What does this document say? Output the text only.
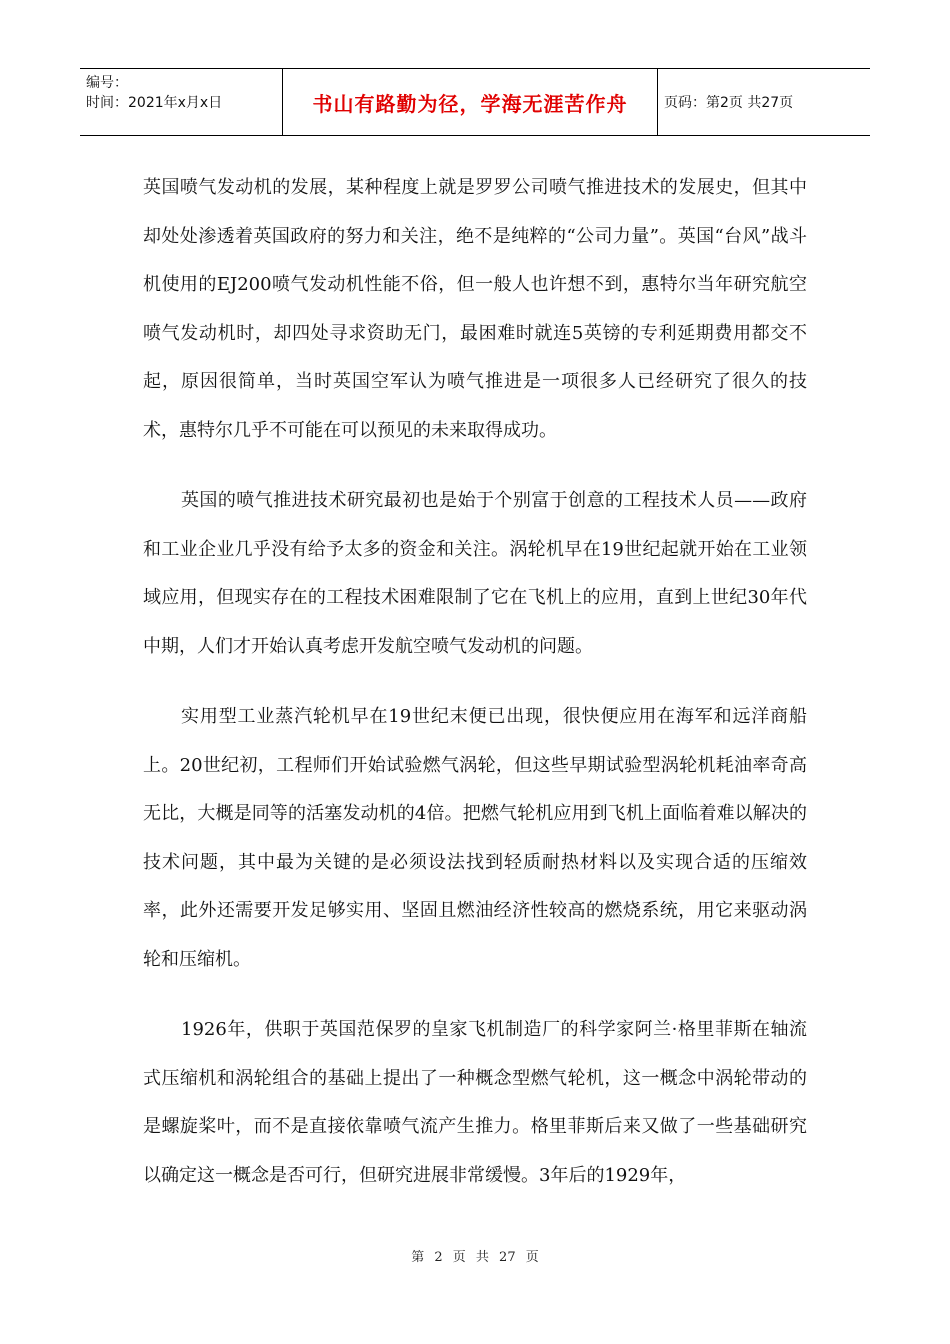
编号：
时间：2021年x月x日	书山有路勤为径，学海无涯苦作舟	页码：第2页 共27页

英国喷气发动机的发展，某种程度上就是罗罗公司喷气推进技术的发展史，但其中却处处渗透着英国政府的努力和关注，绝不是纯粹的“公司力量”。英国“台风”战斗机使用的EJ200喷气发动机性能不俗，但一般人也许想不到，惠特尔当年研究航空喷气发动机时，却四处寻求资助无门，最困难时就连5英镑的专利延期费用都交不起，原因很简单，当时英国空军认为喷气推进是一项很多人已经研究了很久的技术，惠特尔几乎不可能在可以预见的未来取得成功。

英国的喷气推进技术研究最初也是始于个别富于创意的工程技术人员——政府和工业企业几乎没有给予太多的资金和关注。涡轮机早在19世纪起就开始在工业领域应用，但现实存在的工程技术困难限制了它在飞机上的应用，直到上世纪30年代中期，人们才开始认真考虑开发航空喷气发动机的问题。

实用型工业蒸汽轮机早在19世纪末便已出现，很快便应用在海军和远洋商船上。20世纪初，工程师们开始试验燃气涡轮，但这些早期试验型涡轮机耗油率奇高无比，大概是同等的活塞发动机的4倍。把燃气轮机应用到飞机上面临着难以解决的技术问题，其中最为关键的是必须设法找到轻质耐热材料以及实现合适的压缩效率，此外还需要开发足够实用、坚固且燃油经济性较高的燃烧系统，用它来驱动涡轮和压缩机。

1926年，供职于英国范保罗的皇家飞机制造厂的科学家阿兰·格里菲斯在轴流式压缩机和涡轮组合的基础上提出了一种概念型燃气轮机，这一概念中涡轮带动的是螺旋桨叶，而不是直接依靠喷气流产生推力。格里菲斯后来又做了一些基础研究以确定这一概念是否可行，但研究进展非常缓慢。3年后的1929年，

第 2 页 共 27 页
